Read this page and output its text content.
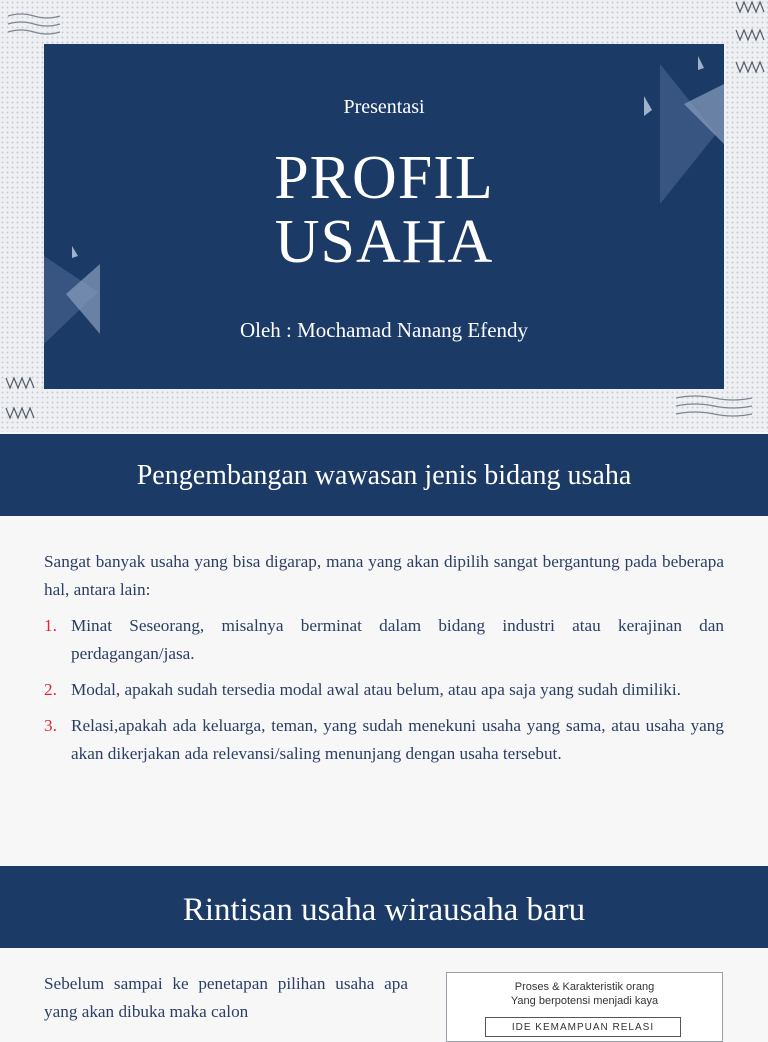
Presentasi
PROFIL
USAHA
Oleh : Mochamad Nanang Efendy
Pengembangan wawasan jenis bidang usaha

Sangat banyak usaha yang bisa digarap, mana yang akan dipilih sangat bergantung pada beberapa hal, antara lain:

1. Minat Seseorang, misalnya berminat dalam bidang industri atau kerajinan dan perdagangan/jasa.
2. Modal, apakah sudah tersedia modal awal atau belum, atau apa saja yang sudah dimiliki.
3. Relasi,apakah ada keluarga, teman, yang sudah menekuni usaha yang sama, atau usaha yang akan dikerjakan ada relevansi/saling menunjang dengan usaha tersebut.
Rintisan usaha wirausaha baru
Sebelum sampai ke penetapan pilihan usaha apa yang akan dibuka maka calon
Proses & Karakteristik orang
Yang berpotensi menjadi kaya
IDE KEMAMPUAN RELASI
